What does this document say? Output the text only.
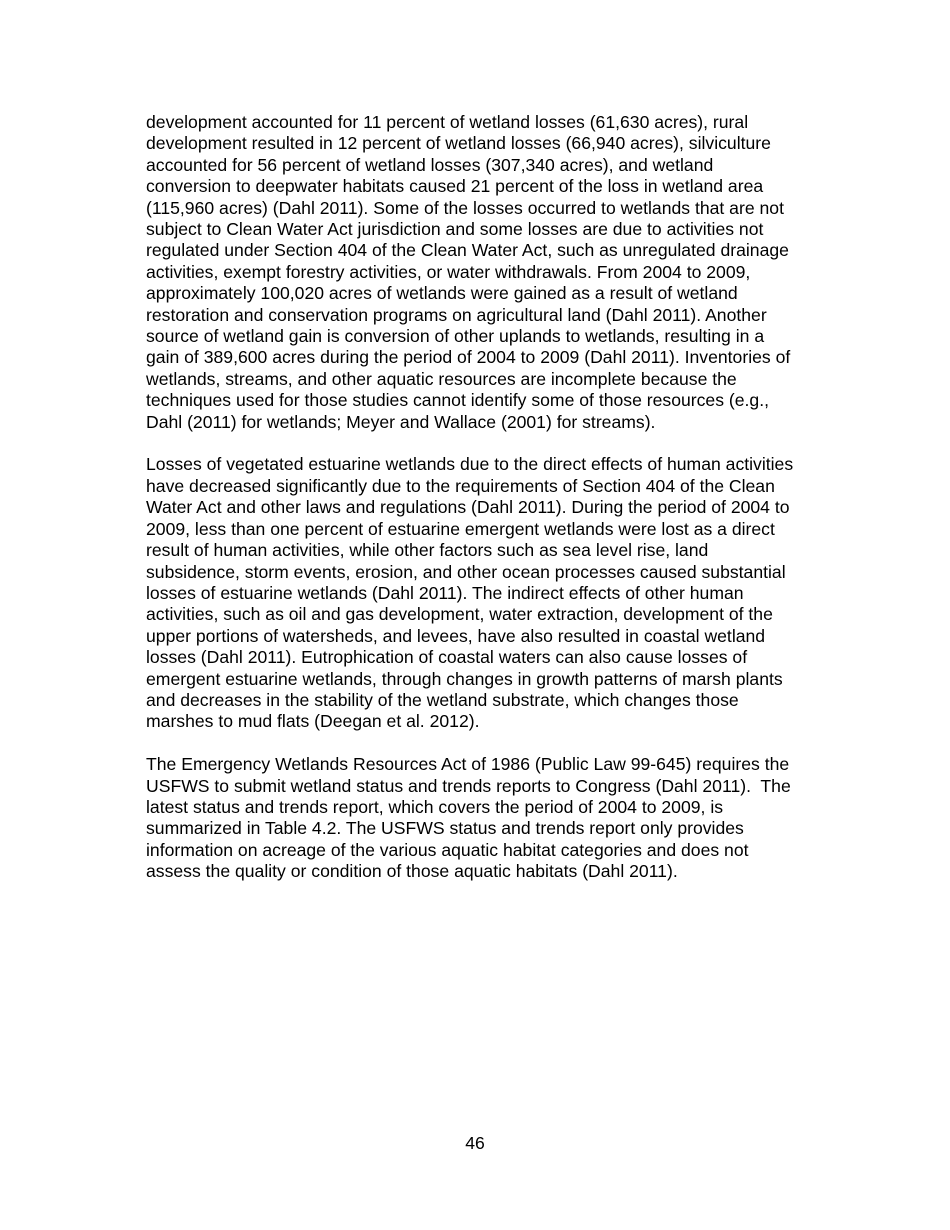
development accounted for 11 percent of wetland losses (61,630 acres), rural
development resulted in 12 percent of wetland losses (66,940 acres), silviculture
accounted for 56 percent of wetland losses (307,340 acres), and wetland
conversion to deepwater habitats caused 21 percent of the loss in wetland area
(115,960 acres) (Dahl 2011). Some of the losses occurred to wetlands that are not
subject to Clean Water Act jurisdiction and some losses are due to activities not
regulated under Section 404 of the Clean Water Act, such as unregulated drainage
activities, exempt forestry activities, or water withdrawals. From 2004 to 2009,
approximately 100,020 acres of wetlands were gained as a result of wetland
restoration and conservation programs on agricultural land (Dahl 2011). Another
source of wetland gain is conversion of other uplands to wetlands, resulting in a
gain of 389,600 acres during the period of 2004 to 2009 (Dahl 2011). Inventories of
wetlands, streams, and other aquatic resources are incomplete because the
techniques used for those studies cannot identify some of those resources (e.g.,
Dahl (2011) for wetlands; Meyer and Wallace (2001) for streams).
Losses of vegetated estuarine wetlands due to the direct effects of human activities
have decreased significantly due to the requirements of Section 404 of the Clean
Water Act and other laws and regulations (Dahl 2011). During the period of 2004 to
2009, less than one percent of estuarine emergent wetlands were lost as a direct
result of human activities, while other factors such as sea level rise, land
subsidence, storm events, erosion, and other ocean processes caused substantial
losses of estuarine wetlands (Dahl 2011). The indirect effects of other human
activities, such as oil and gas development, water extraction, development of the
upper portions of watersheds, and levees, have also resulted in coastal wetland
losses (Dahl 2011). Eutrophication of coastal waters can also cause losses of
emergent estuarine wetlands, through changes in growth patterns of marsh plants
and decreases in the stability of the wetland substrate, which changes those
marshes to mud flats (Deegan et al. 2012).
The Emergency Wetlands Resources Act of 1986 (Public Law 99-645) requires the
USFWS to submit wetland status and trends reports to Congress (Dahl 2011).  The
latest status and trends report, which covers the period of 2004 to 2009, is
summarized in Table 4.2. The USFWS status and trends report only provides
information on acreage of the various aquatic habitat categories and does not
assess the quality or condition of those aquatic habitats (Dahl 2011).
46
